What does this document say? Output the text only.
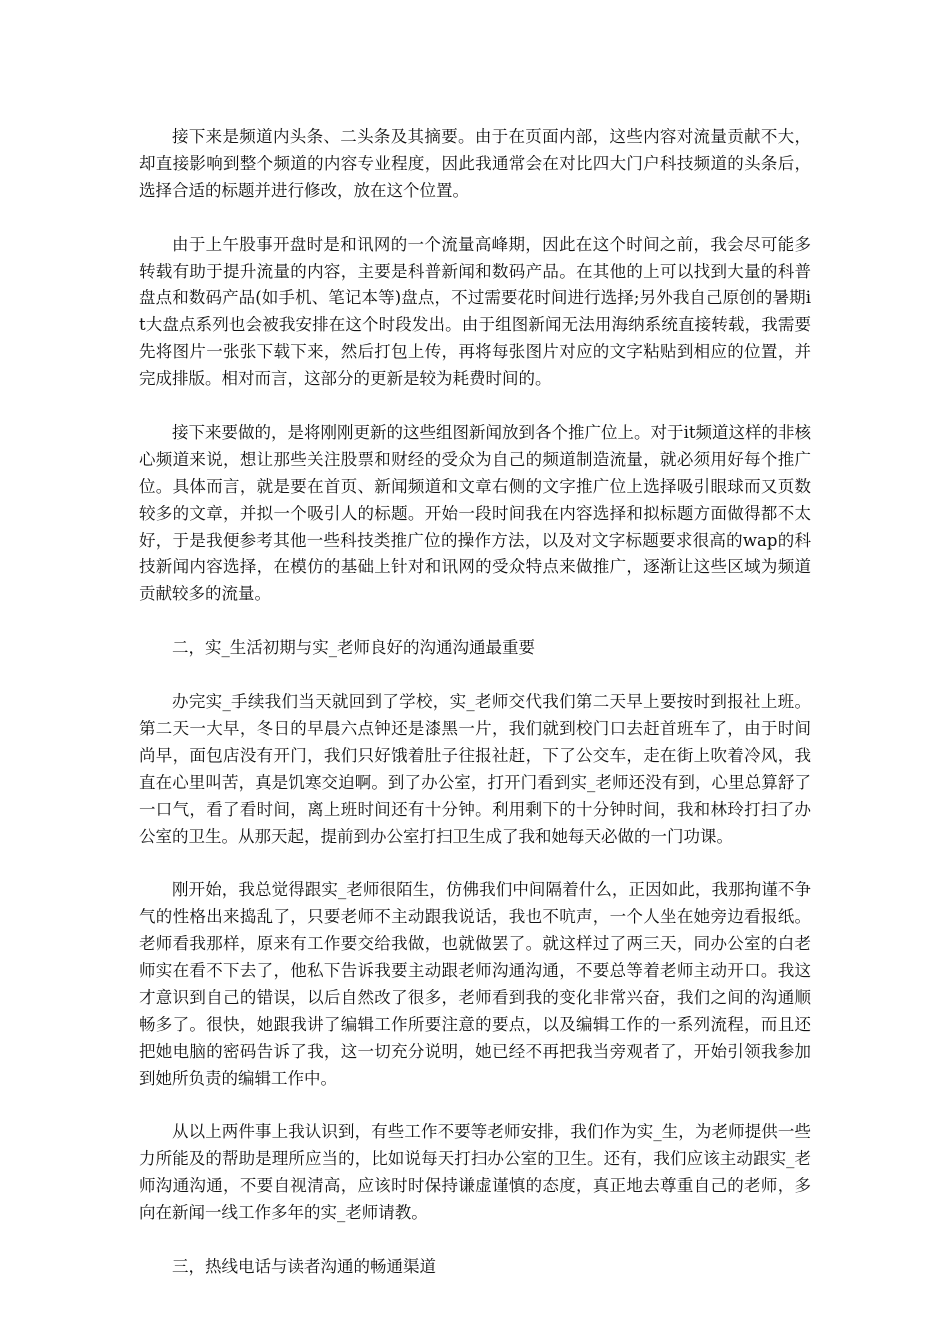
接下来是频道内头条、二头条及其摘要。由于在页面内部，这些内容对流量贡献不大，却直接影响到整个频道的内容专业程度，因此我通常会在对比四大门户科技频道的头条后，选择合适的标题并进行修改，放在这个位置。

由于上午股事开盘时是和讯网的一个流量高峰期，因此在这个时间之前，我会尽可能多转载有助于提升流量的内容，主要是科普新闻和数码产品。在其他的上可以找到大量的科普盘点和数码产品(如手机、笔记本等)盘点，不过需要花时间进行选择;另外我自己原创的暑期it大盘点系列也会被我安排在这个时段发出。由于组图新闻无法用海纳系统直接转载，我需要先将图片一张张下载下来，然后打包上传，再将每张图片对应的文字粘贴到相应的位置，并完成排版。相对而言，这部分的更新是较为耗费时间的。

接下来要做的，是将刚刚更新的这些组图新闻放到各个推广位上。对于it频道这样的非核心频道来说，想让那些关注股票和财经的受众为自己的频道制造流量，就必须用好每个推广位。具体而言，就是要在首页、新闻频道和文章右侧的文字推广位上选择吸引眼球而又页数较多的文章，并拟一个吸引人的标题。开始一段时间我在内容选择和拟标题方面做得都不太好，于是我便参考其他一些科技类推广位的操作方法，以及对文字标题要求很高的wap的科技新闻内容选择，在模仿的基础上针对和讯网的受众特点来做推广，逐渐让这些区域为频道贡献较多的流量。

二，实_生活初期与实_老师良好的沟通沟通最重要

办完实_手续我们当天就回到了学校，实_老师交代我们第二天早上要按时到报社上班。第二天一大早，冬日的早晨六点钟还是漆黑一片，我们就到校门口去赶首班车了，由于时间尚早，面包店没有开门，我们只好饿着肚子往报社赶，下了公交车，走在街上吹着冷风，我直在心里叫苦，真是饥寒交迫啊。到了办公室，打开门看到实_老师还没有到，心里总算舒了一口气，看了看时间，离上班时间还有十分钟。利用剩下的十分钟时间，我和林玲打扫了办公室的卫生。从那天起，提前到办公室打扫卫生成了我和她每天必做的一门功课。

刚开始，我总觉得跟实_老师很陌生，仿佛我们中间隔着什么，正因如此，我那拘谨不争气的性格出来捣乱了，只要老师不主动跟我说话，我也不吭声，一个人坐在她旁边看报纸。老师看我那样，原来有工作要交给我做，也就做罢了。就这样过了两三天，同办公室的白老师实在看不下去了，他私下告诉我要主动跟老师沟通沟通，不要总等着老师主动开口。我这才意识到自己的错误，以后自然改了很多，老师看到我的变化非常兴奋，我们之间的沟通顺畅多了。很快，她跟我讲了编辑工作所要注意的要点，以及编辑工作的一系列流程，而且还把她电脑的密码告诉了我，这一切充分说明，她已经不再把我当旁观者了，开始引领我参加到她所负责的编辑工作中。

从以上两件事上我认识到，有些工作不要等老师安排，我们作为实_生，为老师提供一些力所能及的帮助是理所应当的，比如说每天打扫办公室的卫生。还有，我们应该主动跟实_老师沟通沟通，不要自视清高，应该时时保持谦虚谨慎的态度，真正地去尊重自己的老师，多向在新闻一线工作多年的实_老师请教。

三，热线电话与读者沟通的畅通渠道
